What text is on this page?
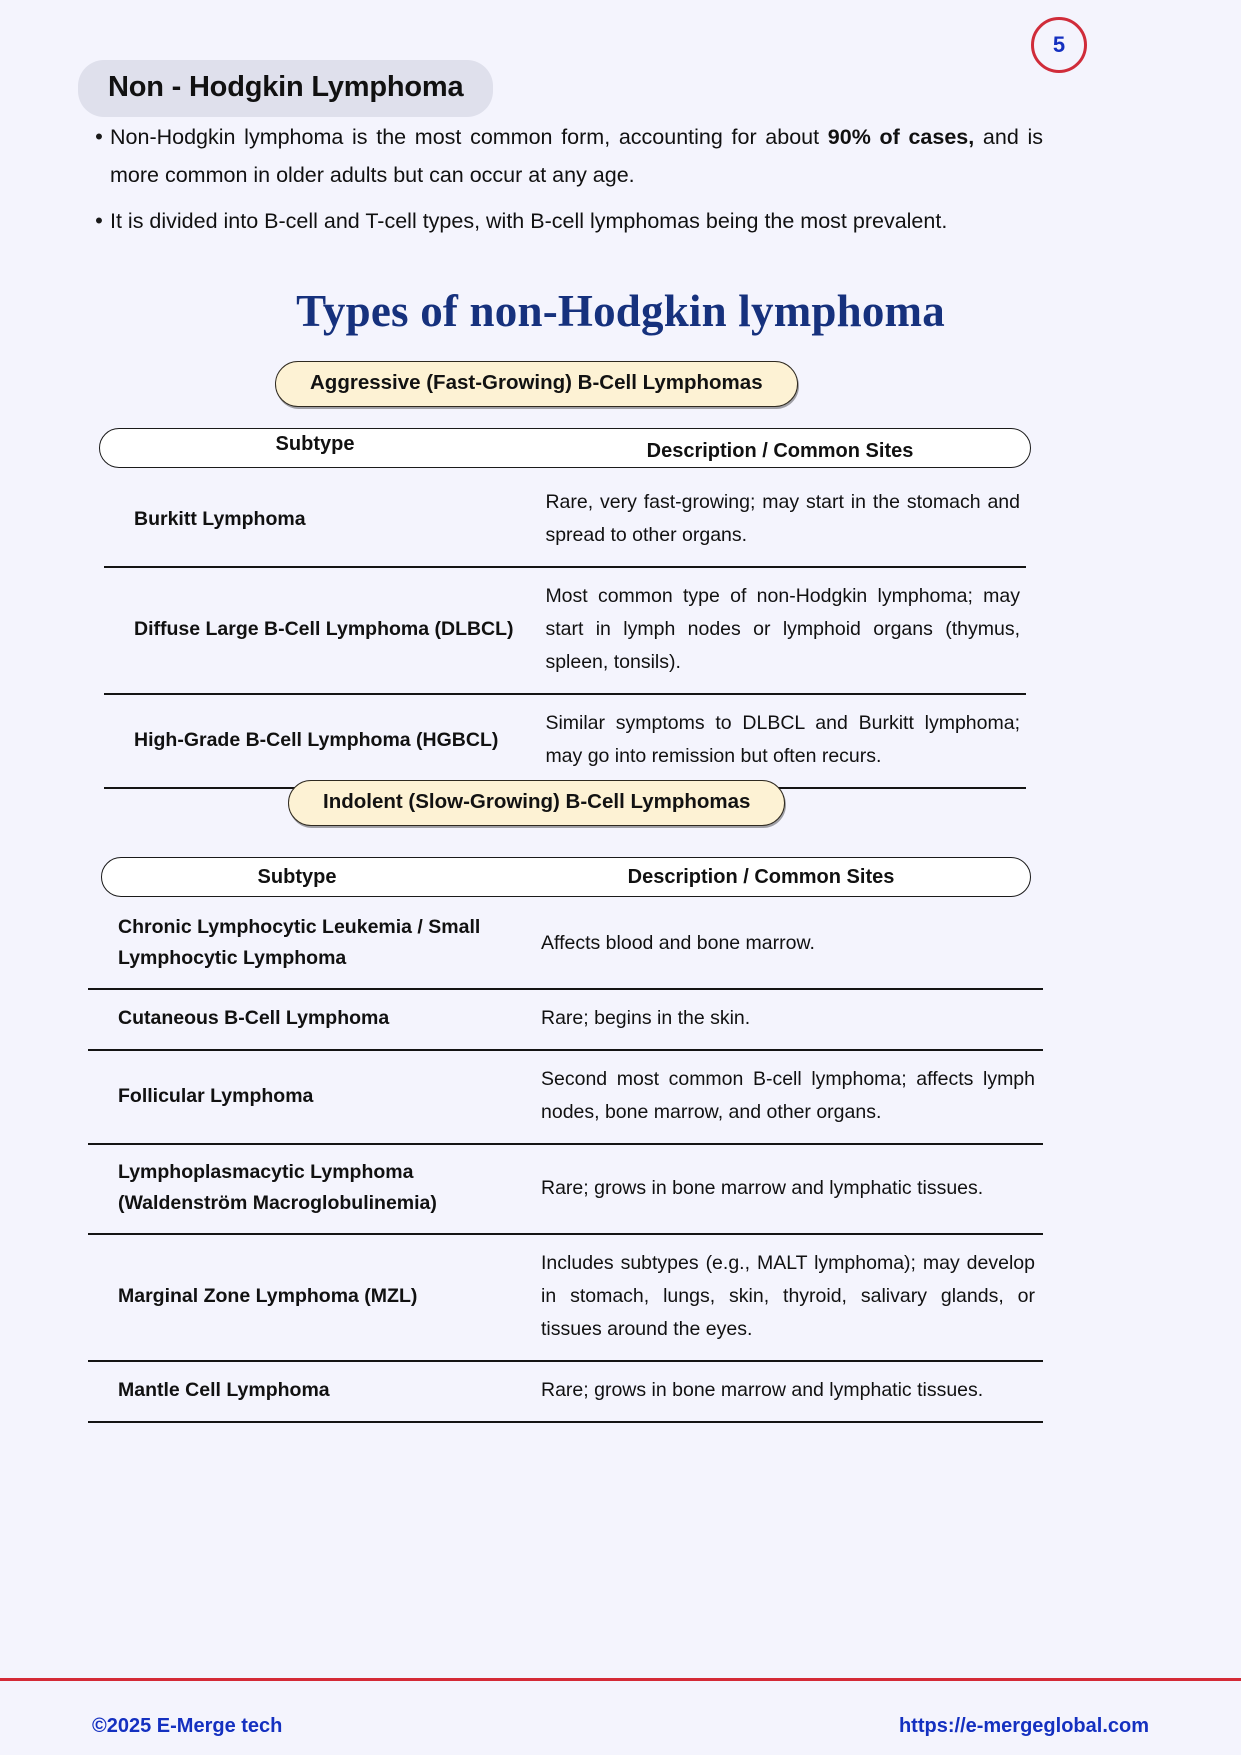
5
Non - Hodgkin Lymphoma
• Non-Hodgkin lymphoma is the most common form, accounting for about 90% of cases, and is more common in older adults but can occur at any age.
• It is divided into B-cell and T-cell types, with B-cell lymphomas being the most prevalent.
Types of non-Hodgkin lymphoma
Aggressive (Fast-Growing) B-Cell Lymphomas
Subtype	Description / Common Sites
Burkitt Lymphoma	Rare, very fast-growing; may start in the stomach and spread to other organs.
Diffuse Large B-Cell Lymphoma (DLBCL)	Most common type of non-Hodgkin lymphoma; may start in lymph nodes or lymphoid organs (thymus, spleen, tonsils).
High-Grade B-Cell Lymphoma (HGBCL)	Similar symptoms to DLBCL and Burkitt lymphoma; may go into remission but often recurs.
Indolent (Slow-Growing) B-Cell Lymphomas
Subtype	Description / Common Sites
Chronic Lymphocytic Leukemia / Small Lymphocytic Lymphoma	Affects blood and bone marrow.
Cutaneous B-Cell Lymphoma	Rare; begins in the skin.
Follicular Lymphoma	Second most common B-cell lymphoma; affects lymph nodes, bone marrow, and other organs.
Lymphoplasmacytic Lymphoma (Waldenström Macroglobulinemia)	Rare; grows in bone marrow and lymphatic tissues.
Marginal Zone Lymphoma (MZL)	Includes subtypes (e.g., MALT lymphoma); may develop in stomach, lungs, skin, thyroid, salivary glands, or tissues around the eyes.
Mantle Cell Lymphoma	Rare; grows in bone marrow and lymphatic tissues.
©2025 E-Merge tech	https://e-mergeglobal.com
